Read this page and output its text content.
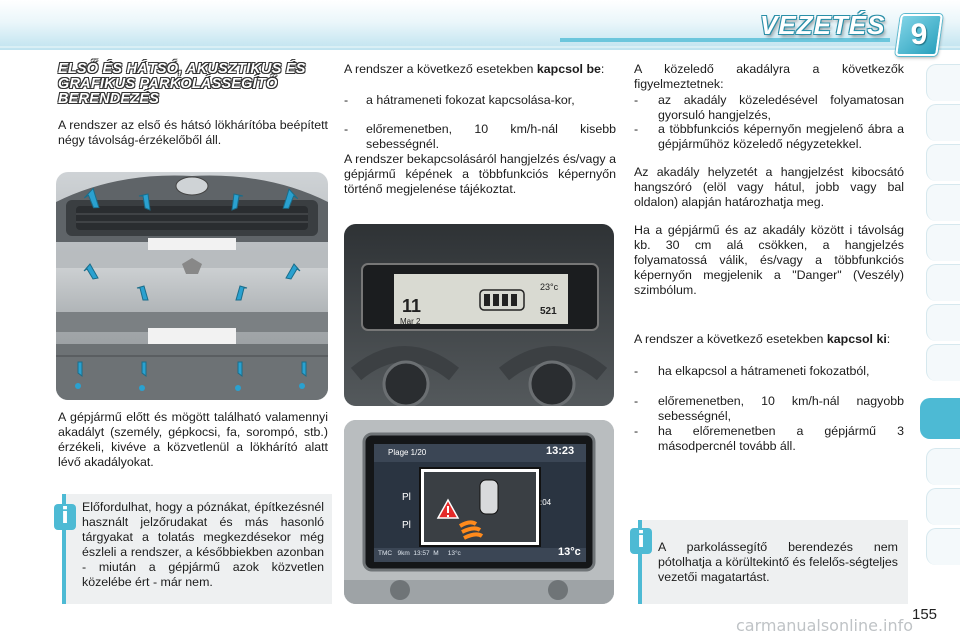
VEZETÉS 9
ELSŐ ÉS HÁTSÓ, AKUSZTIKUS ÉS GRAFIKUS PARKOLÁSSEGÍTŐ BERENDEZÉS
A rendszer az első és hátsó lökhárítóba beépített négy távolság-érzékelőből áll.
A gépjármű előtt és mögött található valamennyi akadályt (személy, gépkocsi, fa, sorompó, stb.) érzékeli, kivéve a közvetlenül a lökhárító alatt lévő akadályokat.
Előfordulhat, hogy a póznákat, építkezésnél használt jelzőrudakat és más hasonló tárgyakat a tolatás megkezdésekor még észleli a rendszer, a későbbiekben azonban - miután a gépjármű azok közvetlen közelébe ért - már nem.
i
A rendszer a következő esetekben kapcsol be:
- a hátrameneti fokozat kapcsolása-kor,
- előremenetben, 10 km/h-nál kisebb sebességnél.
A rendszer bekapcsolásáról hangjelzés és/vagy a gépjármű képének a többfunkciós képernyőn történő megjelenése tájékoztat.
11
Mar 2
23°c
521
Plage 1/20	13:23
Pl
Pl
:04
TMC   9km  13:57  M     13°c	13°c
A közeledő akadályra a következők figyelmeztetnek:
- az akadály közeledésével folyamatosan gyorsuló hangjelzés,
- a többfunkciós képernyőn megjelenő ábra a gépjárműhöz közeledő négyzetekkel.
Az akadály helyzetét a hangjelzést kibocsátó hangszóró (elöl vagy hátul, jobb vagy bal oldalon) alapján határozhatja meg.
Ha a gépjármű és az akadály között i távolság kb. 30 cm alá csökken, a hangjelzés folyamatossá válik, és/vagy a többfunkciós képernyőn megjelenik a "Danger" (Veszély) szimbólum.
A rendszer a következő esetekben kapcsol ki:
- ha elkapcsol a hátrameneti fokozatból,
- előremenetben, 10 km/h-nál nagyobb sebességnél,
- ha előremenetben a gépjármű 3 másodpercnél tovább áll.
A parkolássegítő berendezés nem pótolhatja a körültekintő és felelős-ségteljes vezetői magatartást.
i
155
carmanualsonline.info
